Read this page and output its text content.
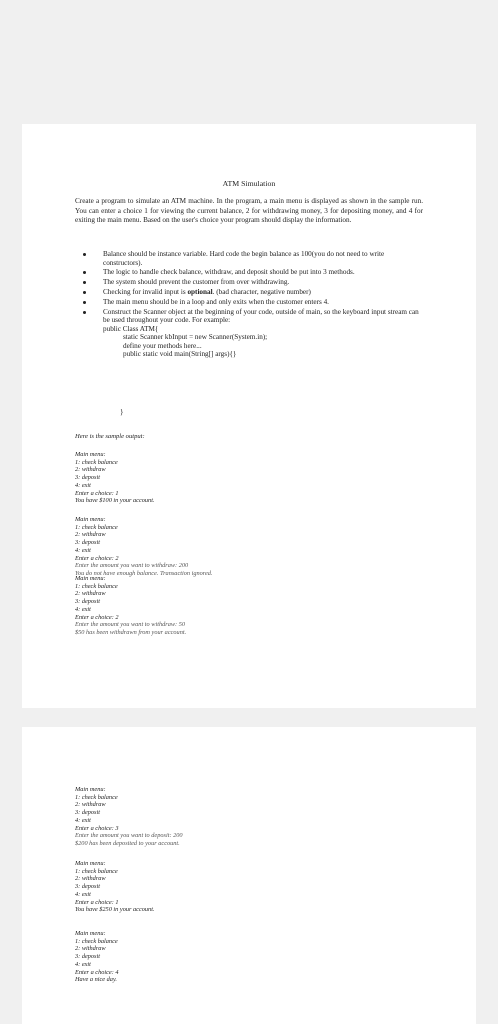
ATM Simulation

Create a program to simulate an ATM machine. In the program, a main menu is displayed as shown in the sample run. You can enter a choice 1 for viewing the current balance, 2 for withdrawing money, 3 for depositing money, and 4 for exiting the main menu. Based on the user's choice your program should display the information.

Balance should be instance variable. Hard code the begin balance as 100(you do not need to write constructors).
The logic to handle check balance, withdraw, and deposit should be put into 3 methods.
The system should prevent the customer from over withdrawing.
Checking for invalid input is optional. (bad character, negative number)
The main menu should be in a loop and only exits when the customer enters 4.
Construct the Scanner object at the beginning of your code, outside of main, so the keyboard input stream can be used throughout your code. For example:
public Class ATM{
static Scanner kbInput = new Scanner(System.in);
define your methods here...
public static void main(String[] args){}
}
Here is the sample output:
Main menu:
1: check balance
2: withdraw
3: deposit
4: exit
Enter a choice: 1
You have $100 in your account.
Main menu:
1: check balance
2: withdraw
3: deposit
4: exit
Enter a choice: 2
Enter the amount you want to withdraw: 200
You do not have enough balance. Transaction ignored.
Main menu:
1: check balance
2: withdraw
3: deposit
4: exit
Enter a choice: 2
Enter the amount you want to withdraw: 50
$50 has been withdrawn from your account.
Main menu:
1: check balance
2: withdraw
3: deposit
4: exit
Enter a choice: 3
Enter the amount you want to deposit: 200
$200 has been deposited to your account.
Main menu:
1: check balance
2: withdraw
3: deposit
4: exit
Enter a choice: 1
You have $250 in your account.
Main menu:
1: check balance
2: withdraw
3: deposit
4: exit
Enter a choice: 4
Have a nice day.
